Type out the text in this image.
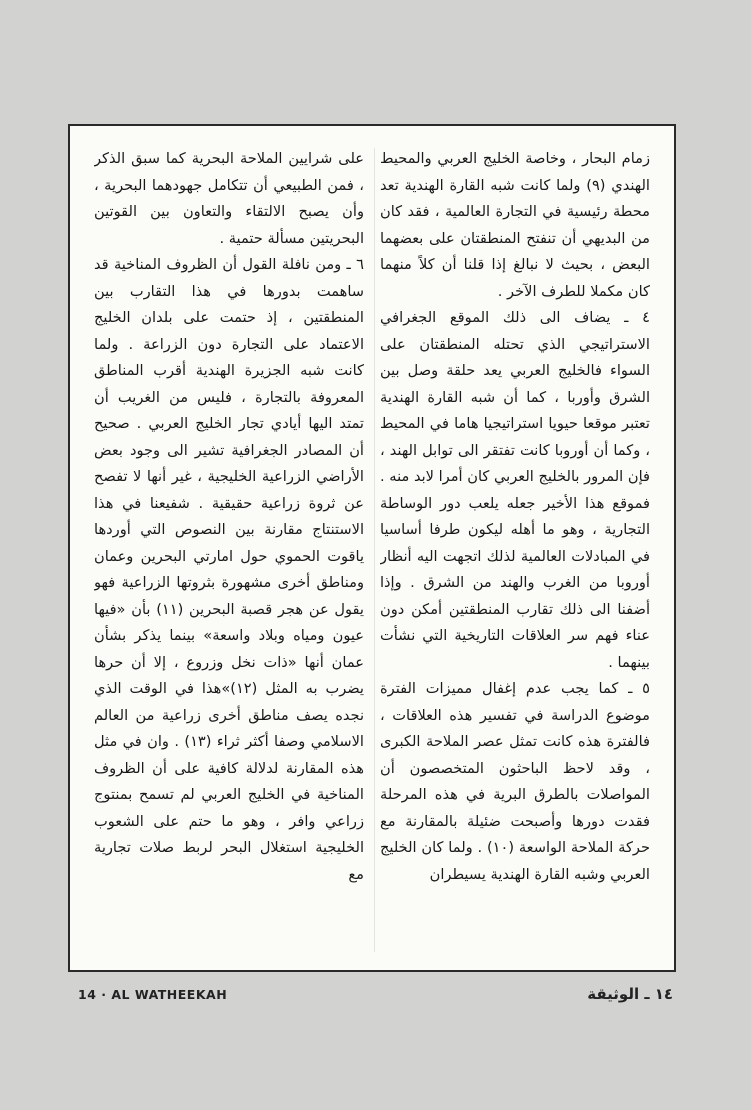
زمام البحار ، وخاصة الخليج العربي والمحيط الهندي (٩) ولما كانت شبه القارة الهندية تعد محطة رئيسية في التجارة العالمية ، فقد كان من البديهي أن تنفتح المنطقتان على بعضهما البعض ، بحيث لا نبالغ إذا قلنا أن كلاً منهما كان مكملا للطرف الآخر .

٤ ـ يضاف الى ذلك الموقع الجغرافي الاستراتيجي الذي تحتله المنطقتان على السواء فالخليج العربي يعد حلقة وصل بين الشرق وأوربا ، كما أن شبه القارة الهندية تعتبر موقعا حيويا استراتيجيا هاما في المحيط ، وكما أن أوروبا كانت تفتقر الى توابل الهند ، فإن المرور بالخليج العربي كان أمرا لابد منه . فموقع هذا الأخير جعله يلعب دور الوساطة التجارية ، وهو ما أهله ليكون طرفا أساسيا في المبادلات العالمية لذلك اتجهت اليه أنظار أوروبا من الغرب والهند من الشرق . وإذا أضفنا الى ذلك تقارب المنطقتين أمكن دون عناء فهم سر العلاقات التاريخية التي نشأت بينهما .

٥ ـ كما يجب عدم إغفال مميزات الفترة موضوع الدراسة في تفسير هذه العلاقات ، فالفترة هذه كانت تمثل عصر الملاحة الكبرى ، وقد لاحظ الباحثون المتخصصون أن المواصلات بالطرق البرية في هذه المرحلة فقدت دورها وأصبحت ضئيلة بالمقارنة مع حركة الملاحة الواسعة (١٠) . ولما كان الخليج العربي وشبه القارة الهندية يسيطران

على شرايين الملاحة البحرية كما سبق الذكر ، فمن الطبيعي أن تتكامل جهودهما البحرية ، وأن يصبح الالتقاء والتعاون بين القوتين البحريتين مسألة حتمية .

٦ ـ ومن نافلة القول أن الظروف المناخية قد ساهمت بدورها في هذا التقارب بين المنطقتين ، إذ حتمت على بلدان الخليج الاعتماد على التجارة دون الزراعة . ولما كانت شبه الجزيرة الهندية أقرب المناطق المعروفة بالتجارة ، فليس من الغريب أن تمتد اليها أيادي تجار الخليج العربي . صحيح أن المصادر الجغرافية تشير الى وجود بعض الأراضي الزراعية الخليجية ، غير أنها لا تفصح عن ثروة زراعية حقيقية . شفيعنا في هذا الاستنتاج مقارنة بين النصوص التي أوردها ياقوت الحموي حول امارتي البحرين وعمان ومناطق أخرى مشهورة بثروتها الزراعية فهو يقول عن هجر قصبة البحرين (١١) بأن «فيها عيون ومياه وبلاد واسعة» بينما يذكر بشأن عمان أنها «ذات نخل وزروع ، إلا أن حرها يضرب به المثل (١٢)»هذا في الوقت الذي نجده يصف مناطق أخرى زراعية من العالم الاسلامي وصفا أكثر ثراء (١٣) . وان في مثل هذه المقارنة لدلالة كافية على أن الظروف المناخية في الخليج العربي لم تسمح بمنتوج زراعي وافر ، وهو ما حتم على الشعوب الخليجية استغلال البحر لربط صلات تجارية مع

14 · AL WATHEEKAH	١٤ ـ الوثيقة
